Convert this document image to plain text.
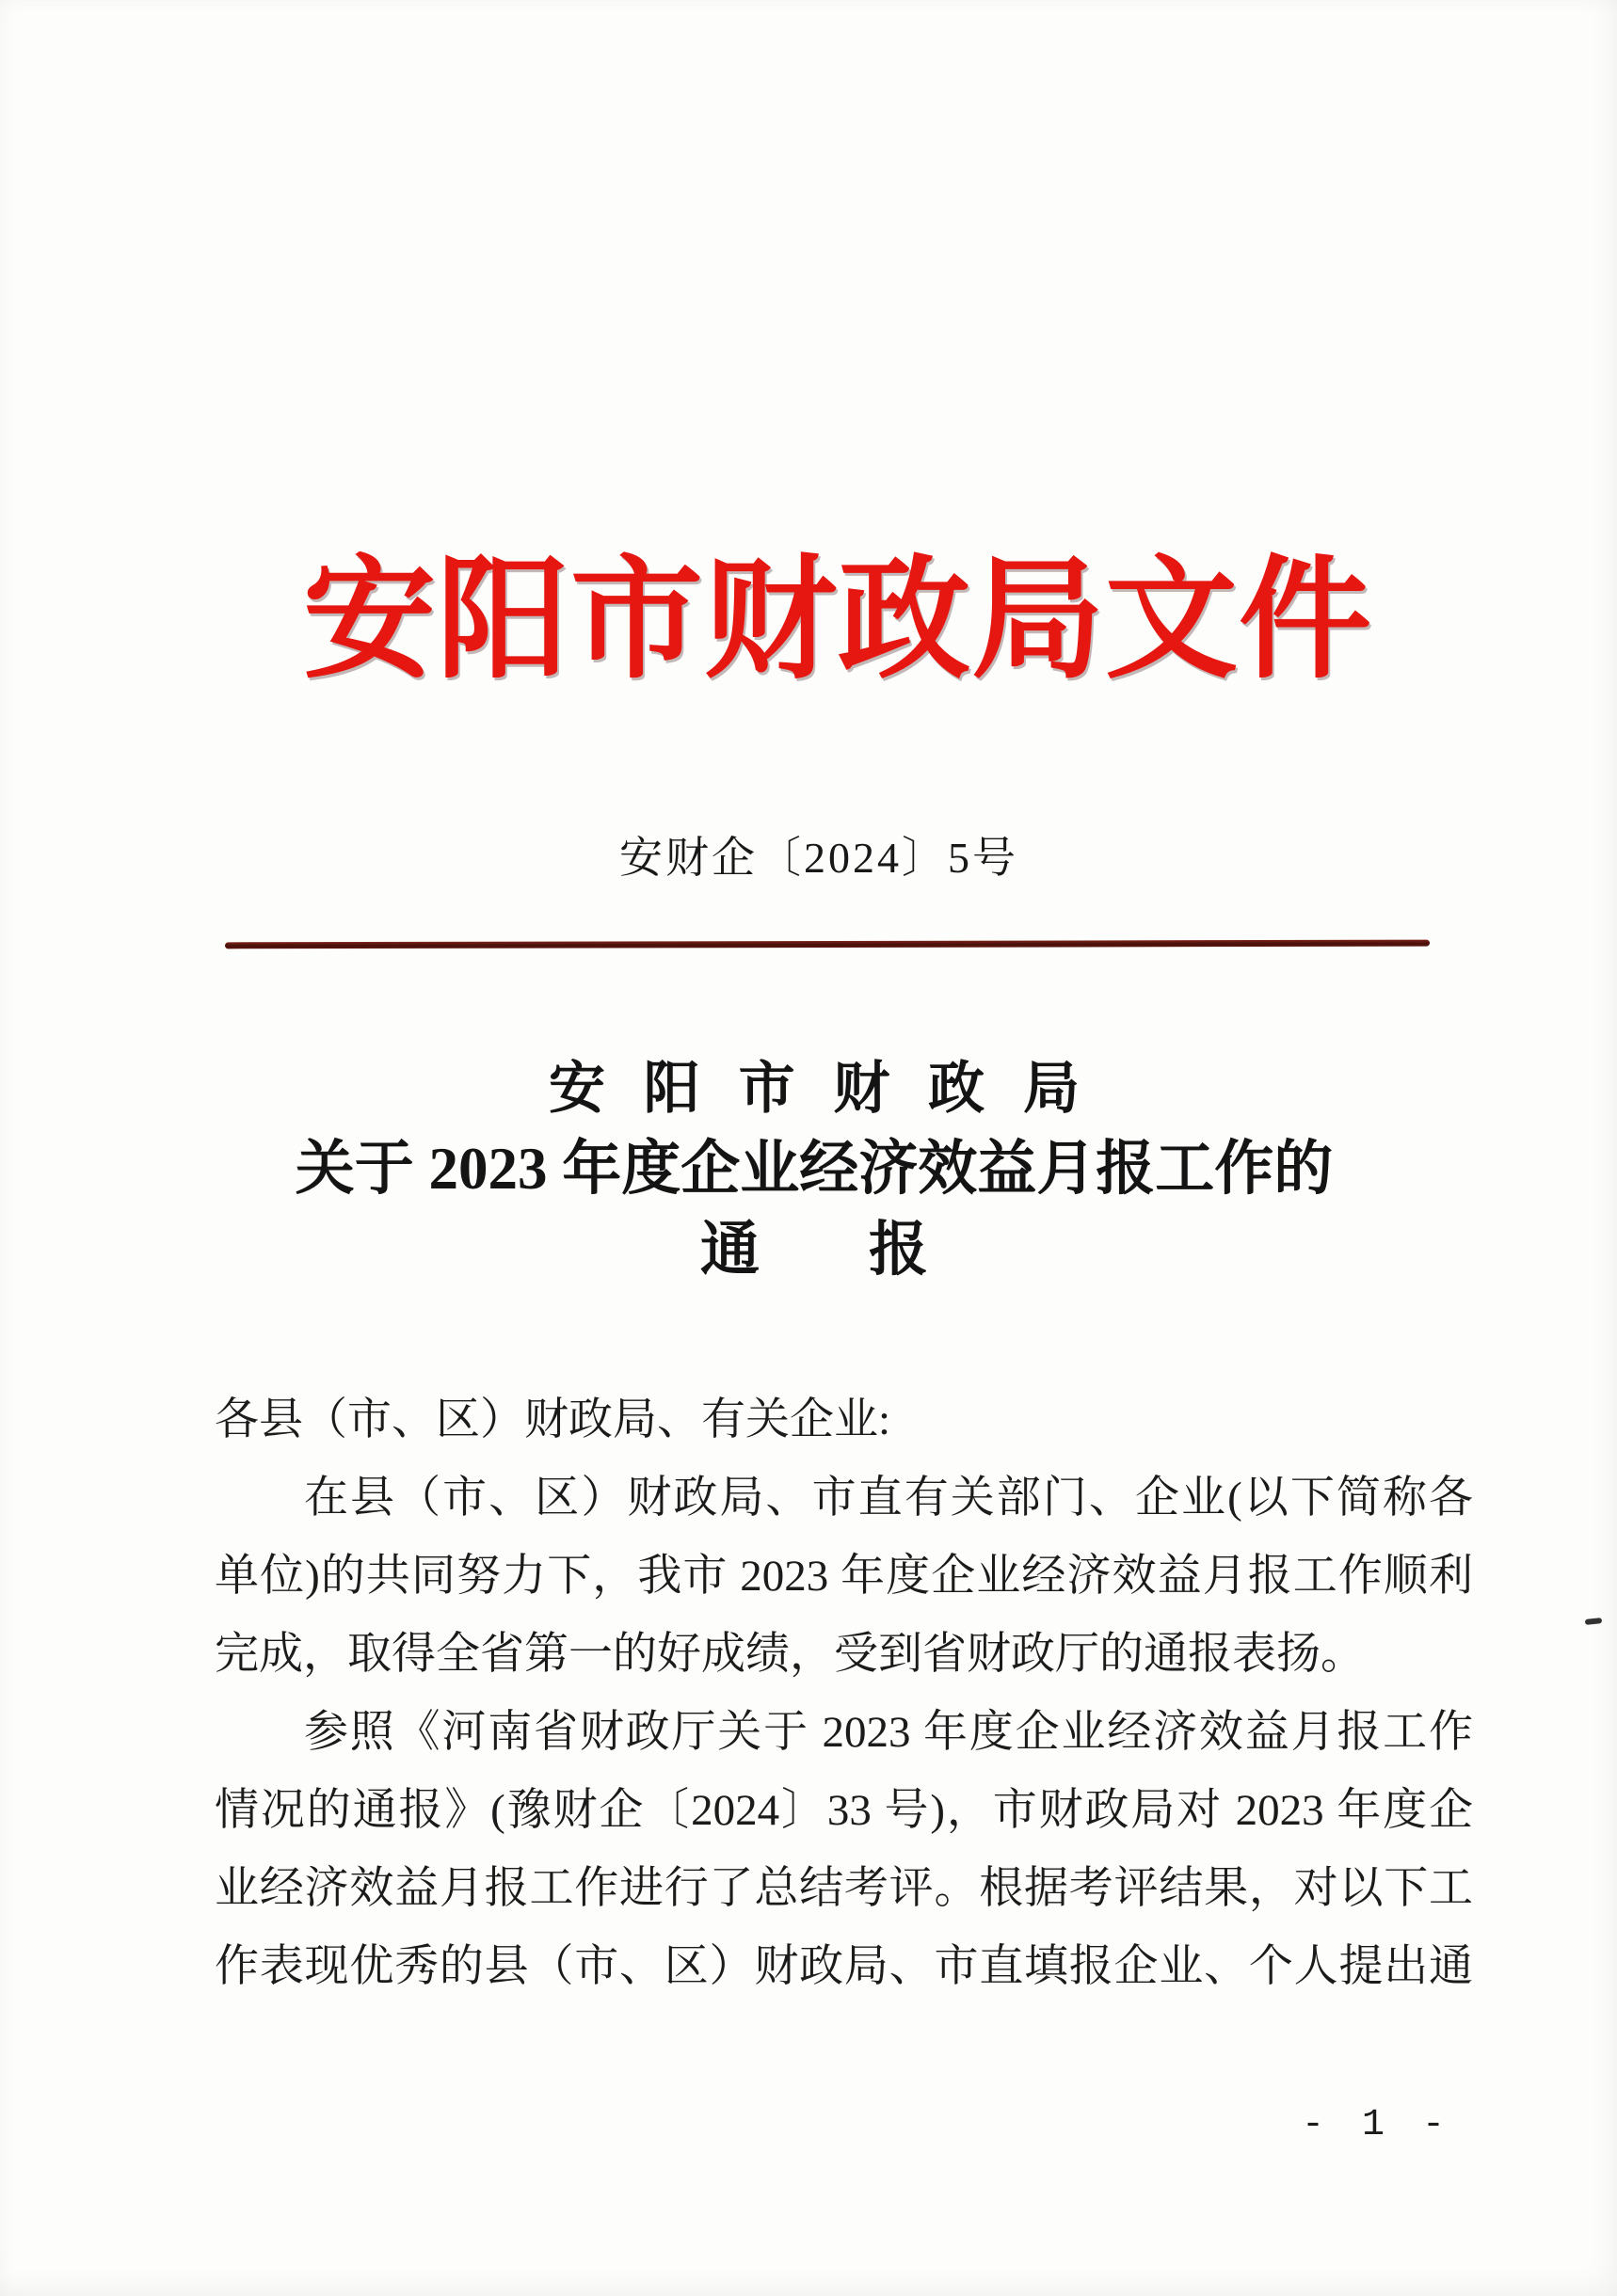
安阳市财政局文件
安财企〔2024〕5号
安阳市财政局
关于 2023 年度企业经济效益月报工作的
通 报
各县（市、区）财政局、有关企业:
在县（市、区）财政局、市直有关部门、企业(以下简称各
单位)的共同努力下，我市 2023 年度企业经济效益月报工作顺利
完成，取得全省第一的好成绩，受到省财政厅的通报表扬。
参照《河南省财政厅关于 2023 年度企业经济效益月报工作
情况的通报》(豫财企〔2024〕33 号)，市财政局对 2023 年度企
业经济效益月报工作进行了总结考评。根据考评结果，对以下工
作表现优秀的县（市、区）财政局、市直填报企业、个人提出通
- 1 -
